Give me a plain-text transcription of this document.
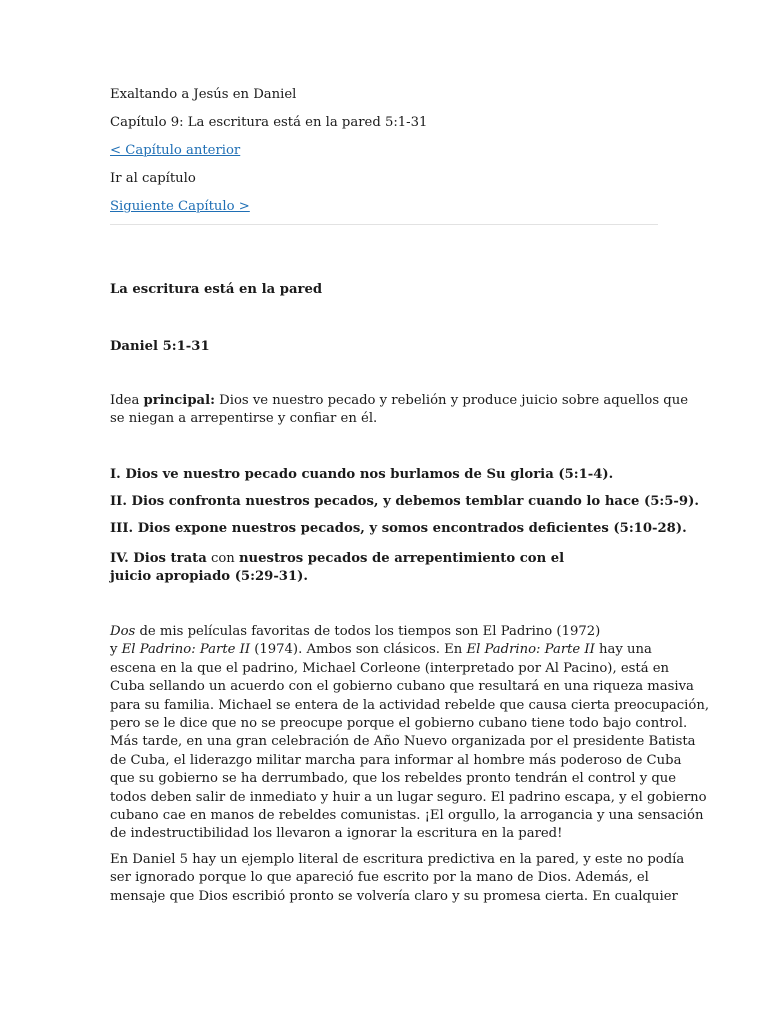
Exaltando a Jesús en Daniel

Capítulo 9: La escritura está en la pared 5:1-31

< Capítulo anterior

Ir al capítulo

Siguiente Capítulo >

La escritura está en la pared

Daniel 5:1-31

Idea principal: Dios ve nuestro pecado y rebelión y produce juicio sobre aquellos que

se niegan a arrepentirse y confiar en él.

I. Dios ve nuestro pecado cuando nos burlamos de Su gloria (5:1-4).

II. Dios confronta nuestros pecados, y debemos temblar cuando lo hace (5:5-9).

III. Dios expone nuestros pecados, y somos encontrados deficientes (5:10-28).

IV. Dios trata con nuestros pecados de arrepentimiento con el

juicio apropiado (5:29-31).

Dos de mis películas favoritas de todos los tiempos son El Padrino (1972)
y El Padrino: Parte II (1974). Ambos son clásicos. En El Padrino: Parte II hay una
escena en la que el padrino, Michael Corleone (interpretado por Al Pacino), está en
Cuba sellando un acuerdo con el gobierno cubano que resultará en una riqueza masiva
para su familia. Michael se entera de la actividad rebelde que causa cierta preocupación,
pero se le dice que no se preocupe porque el gobierno cubano tiene todo bajo control.
Más tarde, en una gran celebración de Año Nuevo organizada por el presidente Batista
de Cuba, el liderazgo militar marcha para informar al hombre más poderoso de Cuba
que su gobierno se ha derrumbado, que los rebeldes pronto tendrán el control y que
todos deben salir de inmediato y huir a un lugar seguro. El padrino escapa, y el gobierno
cubano cae en manos de rebeldes comunistas. ¡El orgullo, la arrogancia y una sensación
de indestructibilidad los llevaron a ignorar la escritura en la pared!
En Daniel 5 hay un ejemplo literal de escritura predictiva en la pared, y este no podía
ser ignorado porque lo que apareció fue escrito por la mano de Dios. Además, el
mensaje que Dios escribió pronto se volvería claro y su promesa cierta. En cualquier
